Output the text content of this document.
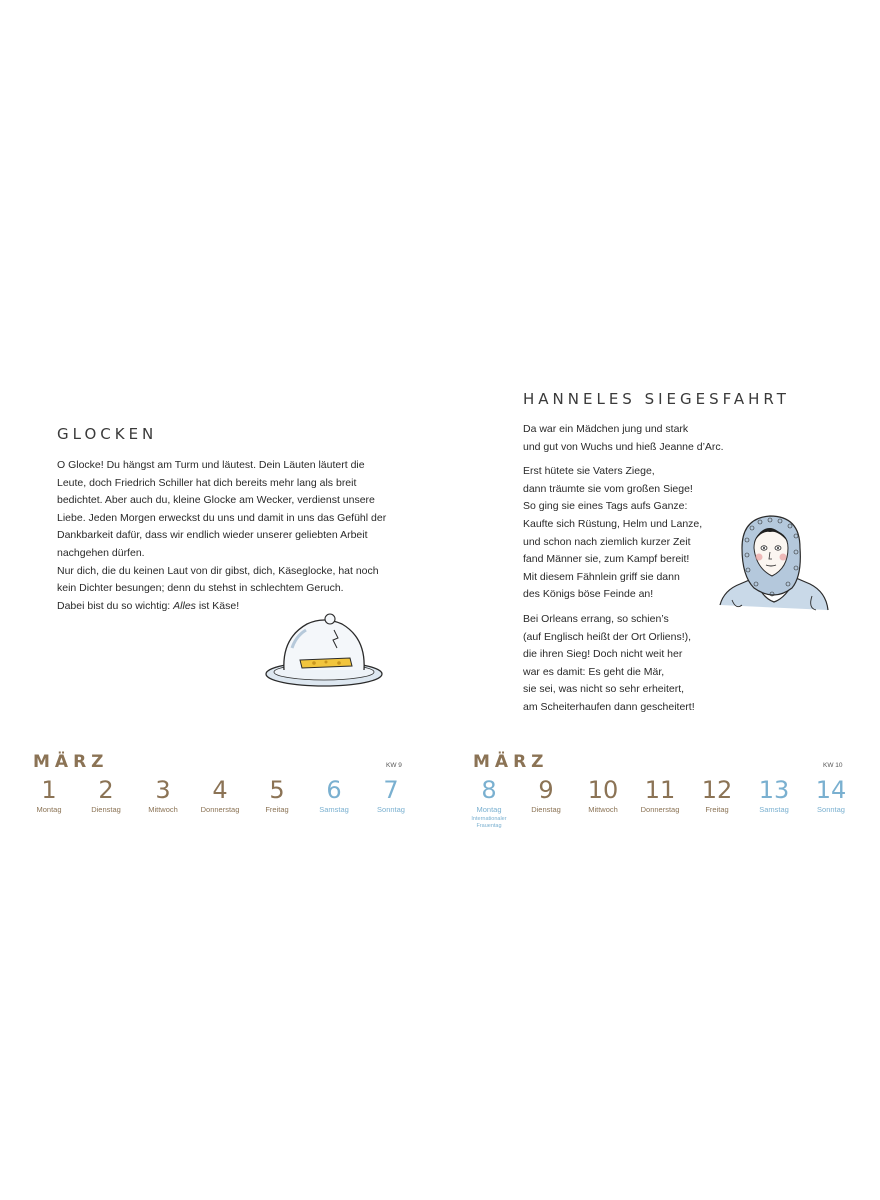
GLOCKEN

O Glocke! Du hängst am Turm und läutest. Dein Läuten läutert die Leute, doch Friedrich Schiller hat dich bereits mehr lang als breit bedichtet. Aber auch du, kleine Glocke am Wecker, verdienst unsere Liebe. Jeden Morgen erweckst du uns und damit in uns das Gefühl der Dankbarkeit dafür, dass wir endlich wieder unserer geliebten Arbeit nachgehen dürfen.

Nur dich, die du keinen Laut von dir gibst, dich, Käseglocke, hat noch kein Dichter besungen; denn du stehst in schlechtem Geruch.

Dabei bist du so wichtig: Alles ist Käse!

HANNELES SIEGESFAHRT

Da war ein Mädchen jung und stark
und gut von Wuchs und hieß Jeanne d’Arc.

Erst hütete sie Vaters Ziege,
dann träumte sie vom großen Siege!
So ging sie eines Tags aufs Ganze:
Kaufte sich Rüstung, Helm und Lanze,
und schon nach ziemlich kurzer Zeit
fand Männer sie, zum Kampf bereit!
Mit diesem Fähnlein griff sie dann
des Königs böse Feinde an!

Bei Orleans errang, so schien’s
(auf Englisch heißt der Ort Orliens!),
die ihren Sieg! Doch nicht weit her
war es damit: Es geht die Mär,
sie sei, was nicht so sehr erheitert,
am Scheiterhaufen dann gescheitert!

MÄRZ	KW 9
1
Montag
2
Dienstag
3
Mittwoch
4
Donnerstag
5
Freitag
6
Samstag
7
Sonntag
MÄRZ	KW 10
8
Montag
Internationaler
Frauentag
9
Dienstag
10
Mittwoch
11
Donnerstag
12
Freitag
13
Samstag
14
Sonntag
